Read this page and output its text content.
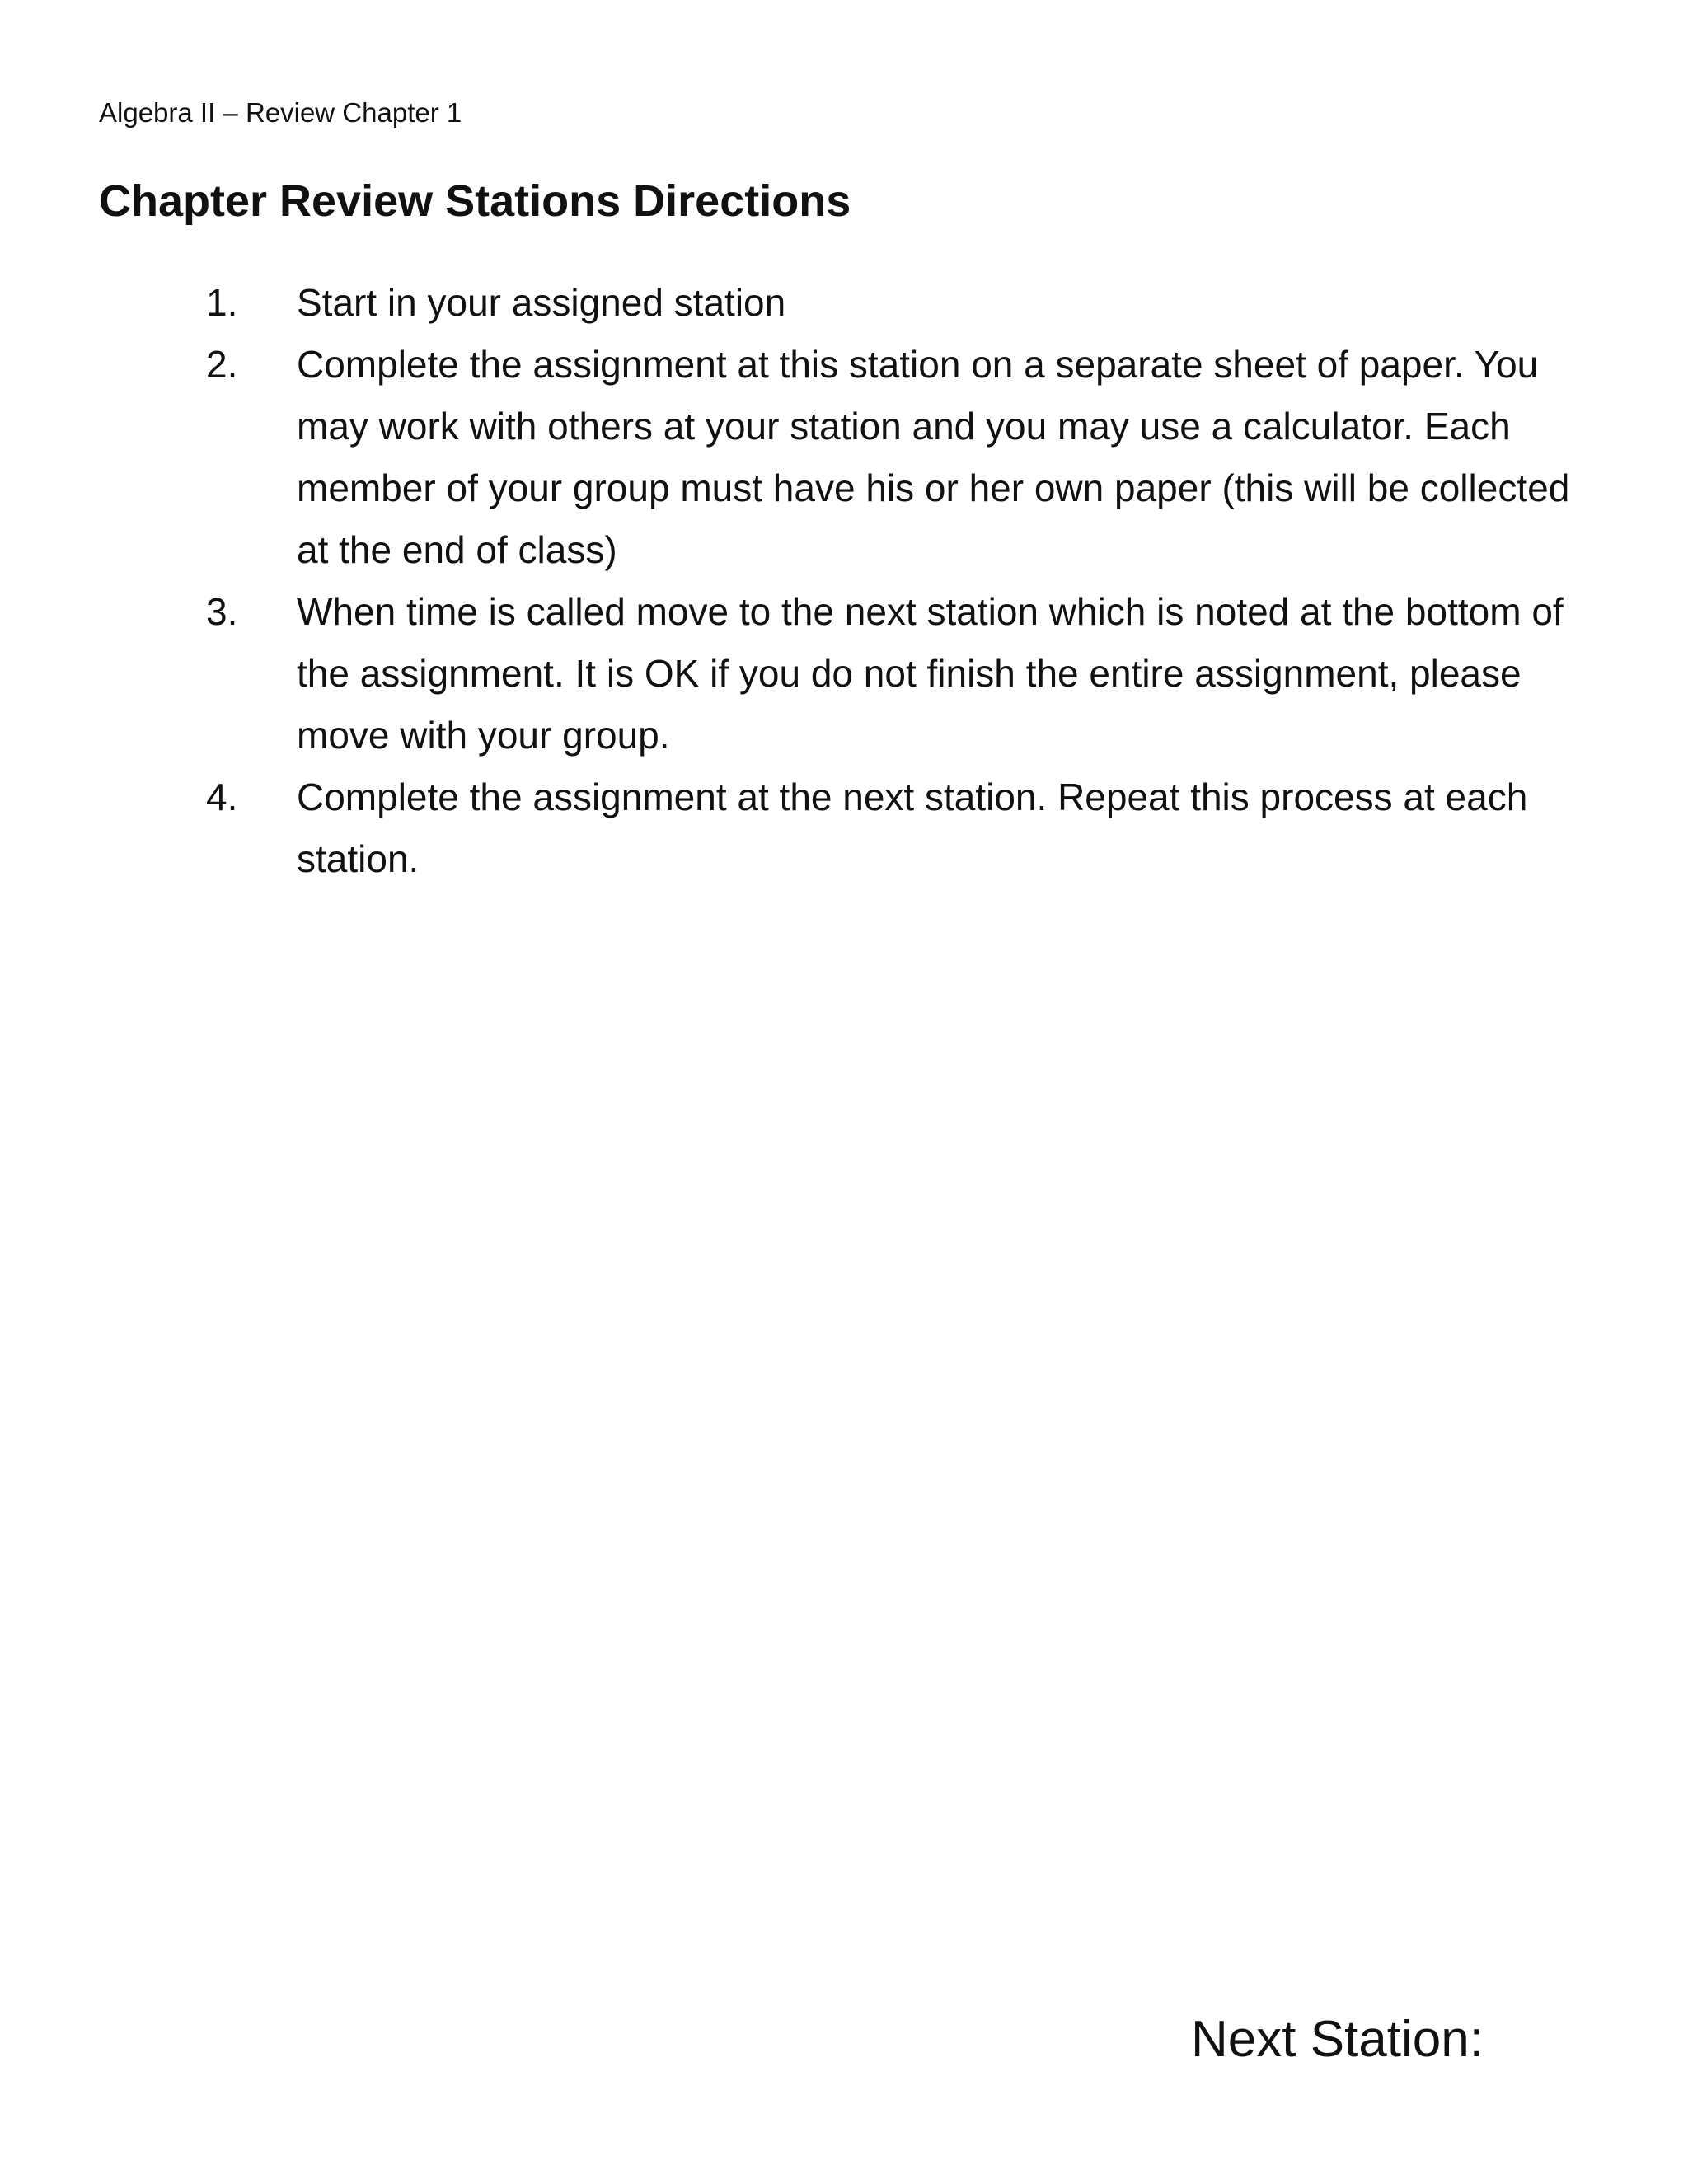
Algebra II – Review Chapter 1
Chapter Review Stations Directions
1.	Start in your assigned station
2.	Complete the assignment at this station on a separate sheet of paper. You may work with others at your station and you may use a calculator. Each member of your group must have his or her own paper (this will be collected at the end of class)
3.	When time is called move to the next station which is noted at the bottom of the assignment. It is OK if you do not finish the entire assignment, please move with your group.
4.	Complete the assignment at the next station. Repeat this process at each station.
Next Station:
